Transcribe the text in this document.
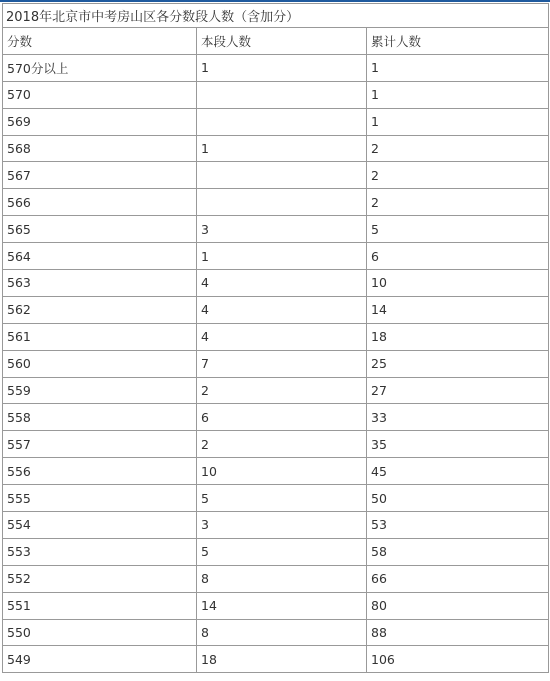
2018年北京市中考房山区各分数段人数（含加分）		
分数	本段人数	累计人数
570分以上	1	1
570		1
569		1
568	1	2
567		2
566		2
565	3	5
564	1	6
563	4	10
562	4	14
561	4	18
560	7	25
559	2	27
558	6	33
557	2	35
556	10	45
555	5	50
554	3	53
553	5	58
552	8	66
551	14	80
550	8	88
549	18	106
